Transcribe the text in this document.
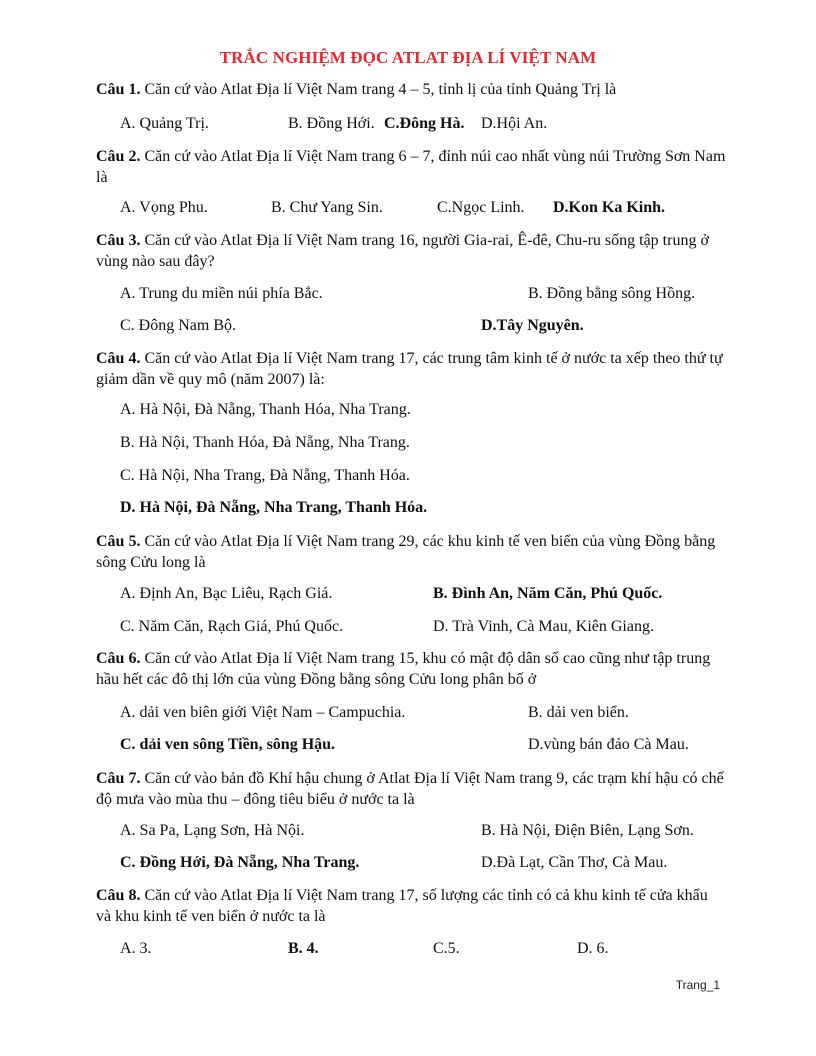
TRẮC NGHIỆM ĐỌC ATLAT ĐỊA LÍ VIỆT NAM
Câu 1. Căn cứ vào Atlat Địa lí Việt Nam trang 4 – 5, tỉnh lị của tỉnh Quảng Trị là
A. Quảng Trị.	B. Đồng Hới. C.Đông Hà. D.Hội An.
Câu 2. Căn cứ vào Atlat Địa lí Việt Nam trang 6 – 7, đỉnh núi cao nhất vùng núi Trường Sơn Nam là
A. Vọng Phu.	B. Chư Yang Sin.	C.Ngọc Linh. D.Kon Ka Kinh.
Câu 3. Căn cứ vào Atlat Địa lí Việt Nam trang 16, người Gia-rai, Ê-đê, Chu-ru sống tập trung ở vùng nào sau đây?
A. Trung du miền núi phía Bắc.	B. Đồng bằng sông Hồng.
C. Đông Nam Bộ.	D.Tây Nguyên.
Câu 4. Căn cứ vào Atlat Địa lí Việt Nam trang 17, các trung tâm kinh tế ở nước ta xếp theo thứ tự giảm dần về quy mô (năm 2007) là:
A. Hà Nội, Đà Nẵng, Thanh Hóa, Nha Trang.
B. Hà Nội, Thanh Hóa, Đà Nẵng, Nha Trang.
C. Hà Nội, Nha Trang, Đà Nẵng, Thanh Hóa.
D. Hà Nội, Đà Nẵng, Nha Trang, Thanh Hóa.
Câu 5. Căn cứ vào Atlat Địa lí Việt Nam trang 29, các khu kinh tế ven biển của vùng Đồng bằng sông Cửu long là
A. Định An, Bạc Liêu, Rạch Giá.	B. Đình An, Năm Căn, Phú Quốc.
C. Năm Căn, Rạch Giá, Phú Quốc.	D. Trà Vinh, Cà Mau, Kiên Giang.
Câu 6. Căn cứ vào Atlat Địa lí Việt Nam trang 15, khu có mật độ dân số cao cũng như tập trung hầu hết các đô thị lớn của vùng Đồng bằng sông Cửu long phân bố ở
A. dải ven biên giới Việt Nam – Campuchia.	B. dải ven biển.
C. dải ven sông Tiền, sông Hậu.	D.vùng bán đảo Cà Mau.
Câu 7. Căn cứ vào bản đồ Khí hậu chung ở Atlat Địa lí Việt Nam trang 9, các trạm khí hậu có chế độ mưa vào mùa thu – đông tiêu biểu ở nước ta là
A. Sa Pa, Lạng Sơn, Hà Nội.	B. Hà Nội, Điện Biên, Lạng Sơn.
C. Đồng Hới, Đà Nẵng, Nha Trang.	D.Đà Lạt, Cần Thơ, Cà Mau.
Câu 8. Căn cứ vào Atlat Địa lí Việt Nam trang 17, số lượng các tỉnh có cả khu kinh tế cửa khẩu và khu kinh tế ven biển ở nước ta là
A. 3.	B. 4.	C.5.	D. 6.
Trang_1
